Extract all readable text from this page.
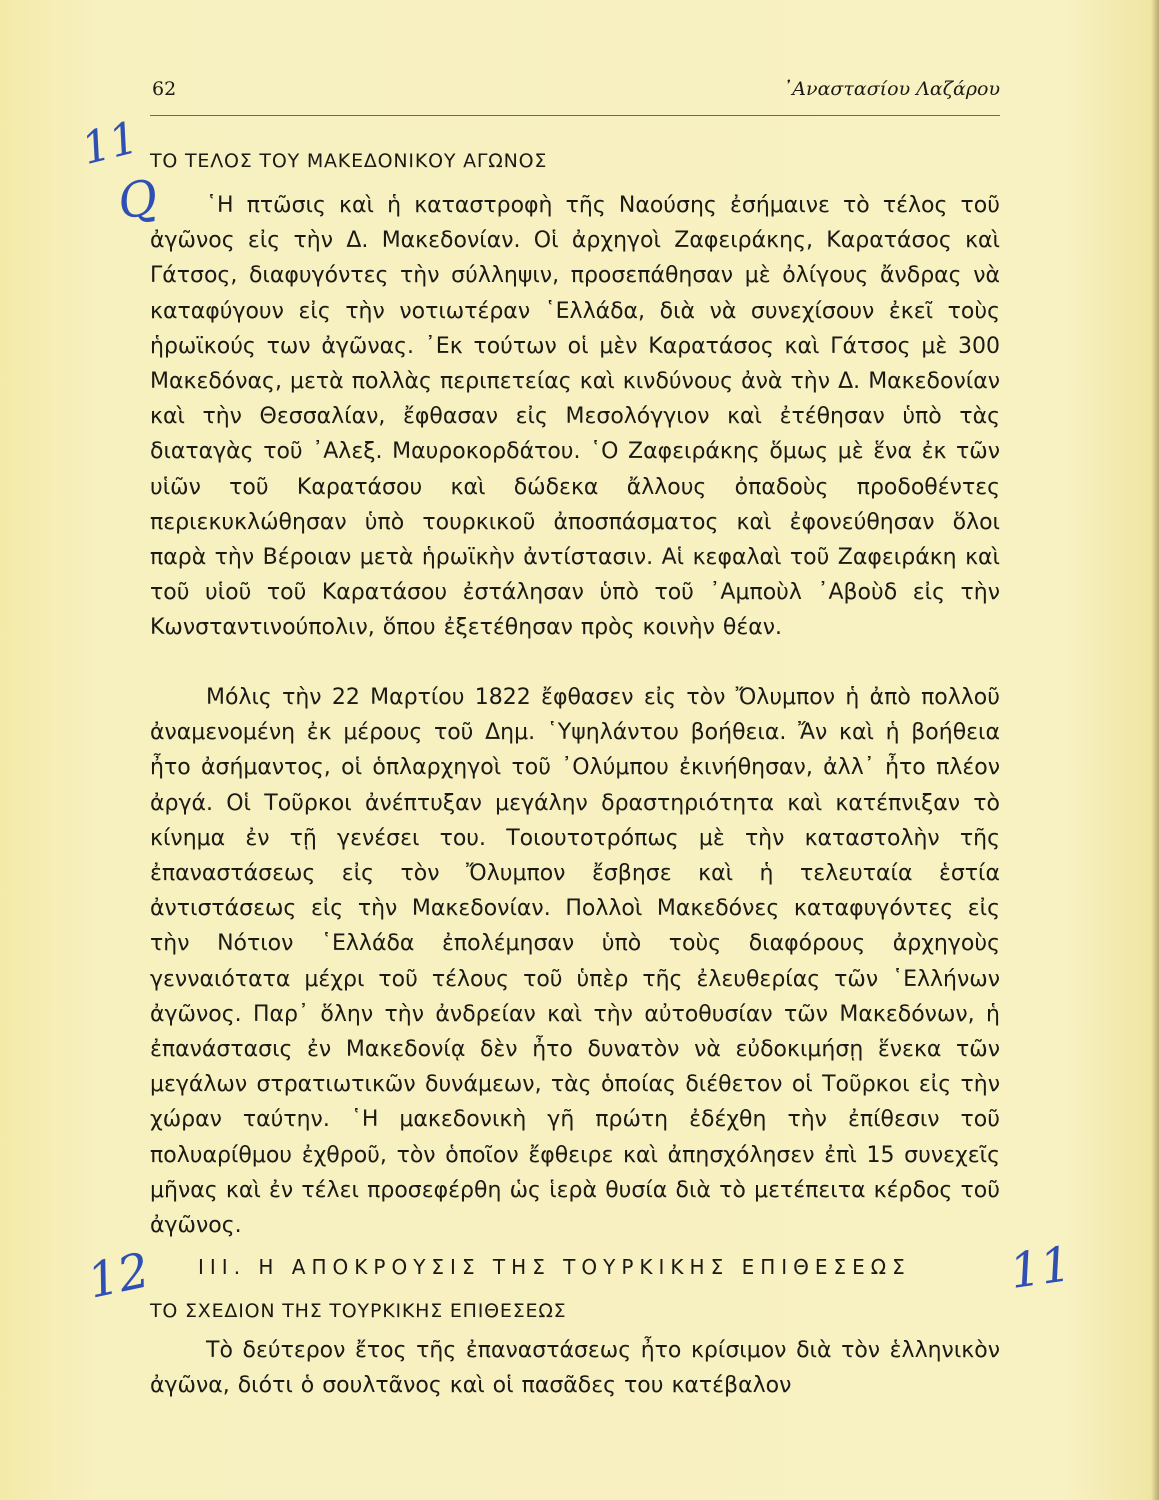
62	᾿Αναστασίου Λαζάρου
ΤΟ ΤΕΛΟΣ ΤΟΥ ΜΑΚΕΔΟΝΙΚΟΥ ΑΓΩΝΟΣ

῾Η πτῶσις καὶ ἡ καταστροφὴ τῆς Ναούσης ἐσήμαινε τὸ τέλος τοῦ ἀγῶνος εἰς τὴν Δ. Μακεδονίαν. Οἱ ἀρχηγοὶ Ζαφειράκης, Καρατάσος καὶ Γάτσος, διαφυγόντες τὴν σύλληψιν, προσεπάθησαν μὲ ὀλίγους ἄνδρας νὰ καταφύγουν εἰς τὴν νοτιωτέραν ῾Ελλάδα, διὰ νὰ συνεχίσουν ἐκεῖ τοὺς ἡρωϊκούς των ἀγῶνας. ᾿Εκ τούτων οἱ μὲν Καρατάσος καὶ Γάτσος μὲ 300 Μακεδόνας, μετὰ πολλὰς περιπετείας καὶ κινδύνους ἀνὰ τὴν Δ. Μακεδονίαν καὶ τὴν Θεσσαλίαν, ἔφθασαν εἰς Μεσολόγγιον καὶ ἐτέθησαν ὑπὸ τὰς διαταγὰς τοῦ ᾿Αλεξ. Μαυροκορδάτου. ῾Ο Ζαφειράκης ὅμως μὲ ἕνα ἐκ τῶν υἱῶν τοῦ Καρατάσου καὶ δώδεκα ἄλλους ὀπαδοὺς προδοθέντες περιεκυκλώθησαν ὑπὸ τουρκικοῦ ἀποσπάσματος καὶ ἐφονεύθησαν ὅλοι παρὰ τὴν Βέροιαν μετὰ ἡρωϊκὴν ἀντίστασιν. Αἱ κεφαλαὶ τοῦ Ζαφειράκη καὶ τοῦ υἱοῦ τοῦ Καρατάσου ἐστάλησαν ὑπὸ τοῦ ᾿Αμποὺλ ᾿Αβοὺδ εἰς τὴν Κωνσταντινούπολιν, ὅπου ἐξετέθησαν πρὸς κοινὴν θέαν.

Μόλις τὴν 22 Μαρτίου 1822 ἔφθασεν εἰς τὸν Ὄλυμπον ἡ ἀπὸ πολλοῦ ἀναμενομένη ἐκ μέρους τοῦ Δημ. ῾Υψηλάντου βοήθεια. Ἄν καὶ ἡ βοήθεια ἦτο ἀσήμαντος, οἱ ὁπλαρχηγοὶ τοῦ ᾿Ολύμπου ἐκινήθησαν, ἀλλ᾽ ἦτο πλέον ἀργά. Οἱ Τοῦρκοι ἀνέπτυξαν μεγάλην δραστηριότητα καὶ κατέπνιξαν τὸ κίνημα ἐν τῇ γενέσει του. Τοιουτοτρόπως μὲ τὴν καταστολὴν τῆς ἐπαναστάσεως εἰς τὸν Ὄλυμπον ἔσβησε καὶ ἡ τελευταία ἑστία ἀντιστάσεως εἰς τὴν Μακεδονίαν. Πολλοὶ Μακεδόνες καταφυγόντες εἰς τὴν Νότιον ῾Ελλάδα ἐπολέμησαν ὑπὸ τοὺς διαφόρους ἀρχηγοὺς γενναιότατα μέχρι τοῦ τέλους τοῦ ὑπὲρ τῆς ἐλευθερίας τῶν ῾Ελλήνων ἀγῶνος. Παρ᾽ ὅλην τὴν ἀνδρείαν καὶ τὴν αὐτοθυσίαν τῶν Μακεδόνων, ἡ ἐπανάστασις ἐν Μακεδονίᾳ δὲν ἦτο δυνατὸν νὰ εὐδοκιμήσῃ ἕνεκα τῶν μεγάλων στρατιωτικῶν δυνάμεων, τὰς ὁποίας διέθετον οἱ Τοῦρκοι εἰς τὴν χώραν ταύτην. ῾Η μακεδονικὴ γῆ πρώτη ἐδέχθη τὴν ἐπίθεσιν τοῦ πολυαρίθμου ἐχθροῦ, τὸν ὁποῖον ἔφθειρε καὶ ἀπησχόλησεν ἐπὶ 15 συνεχεῖς μῆνας καὶ ἐν τέλει προσεφέρθη ὡς ἱερὰ θυσία διὰ τὸ μετέπειτα κέρδος τοῦ ἀγῶνος.

III. Η ΑΠΟΚΡΟΥΣΙΣ ΤΗΣ ΤΟΥΡΚΙΚΗΣ ΕΠΙΘΕΣΕΩΣ
ΤΟ ΣΧΕΔΙΟΝ ΤΗΣ ΤΟΥΡΚΙΚΗΣ ΕΠΙΘΕΣΕΩΣ

Τὸ δεύτερον ἔτος τῆς ἐπαναστάσεως ἦτο κρίσιμον διὰ τὸν ἑλληνικὸν ἀγῶνα, διότι ὁ σουλτᾶνος καὶ οἱ πασᾶδες του κατέβαλον

11
Q
12	11
